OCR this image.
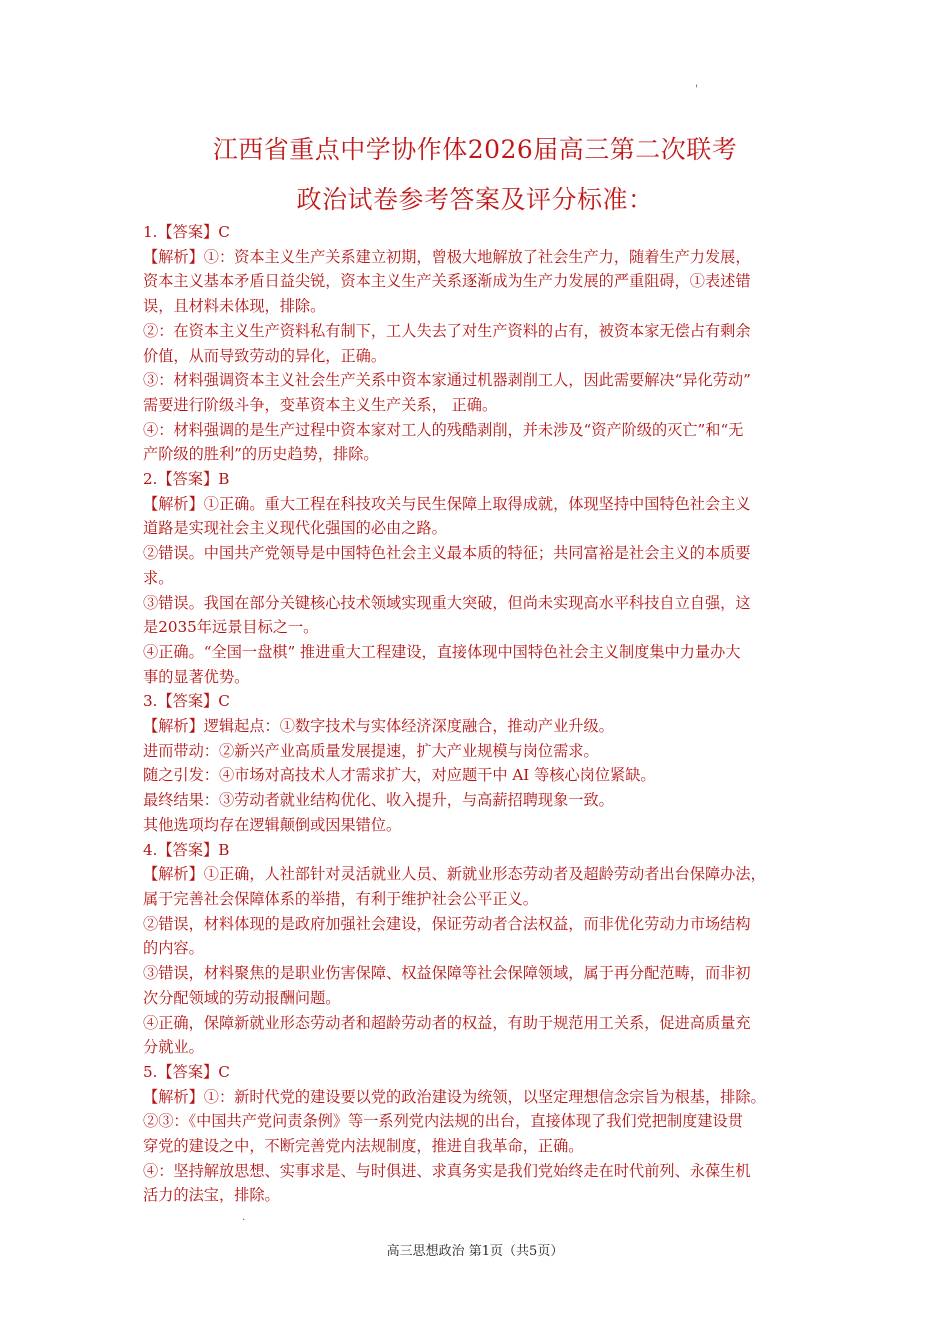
'
江西省重点中学协作体2026届高三第二次联考
政治试卷参考答案及评分标准：

1.【答案】C

【解析】①：资本主义生产关系建立初期，曾极大地解放了社会生产力，随着生产力发展，

资本主义基本矛盾日益尖锐，资本主义生产关系逐渐成为生产力发展的严重阻碍，①表述错

误，且材料未体现，排除。

②：在资本主义生产资料私有制下，工人失去了对生产资料的占有，被资本家无偿占有剩余

价值，从而导致劳动的异化，正确。

③：材料强调资本主义社会生产关系中资本家通过机器剥削工人，因此需要解决“异化劳动”

需要进行阶级斗争，变革资本主义生产关系， 正确。

④：材料强调的是生产过程中资本家对工人的残酷剥削，并未涉及“资产阶级的灭亡”和“无

产阶级的胜利”的历史趋势，排除。

2.【答案】B

【解析】①正确。重大工程在科技攻关与民生保障上取得成就，体现坚持中国特色社会主义

道路是实现社会主义现代化强国的必由之路。

②错误。中国共产党领导是中国特色社会主义最本质的特征；共同富裕是社会主义的本质要

求。

③错误。我国在部分关键核心技术领域实现重大突破，但尚未实现高水平科技自立自强，这

是2035年远景目标之一。

④正确。“全国一盘棋” 推进重大工程建设，直接体现中国特色社会主义制度集中力量办大

事的显著优势。

3.【答案】C

【解析】逻辑起点：①数字技术与实体经济深度融合，推动产业升级。

进而带动：②新兴产业高质量发展提速，扩大产业规模与岗位需求。

随之引发：④市场对高技术人才需求扩大，对应题干中 AI 等核心岗位紧缺。

最终结果：③劳动者就业结构优化、收入提升，与高薪招聘现象一致。

其他选项均存在逻辑颠倒或因果错位。

4.【答案】B

【解析】①正确，人社部针对灵活就业人员、新就业形态劳动者及超龄劳动者出台保障办法，

属于完善社会保障体系的举措，有利于维护社会公平正义。

②错误，材料体现的是政府加强社会建设，保证劳动者合法权益，而非优化劳动力市场结构

的内容。

③错误，材料聚焦的是职业伤害保障、权益保障等社会保障领域，属于再分配范畴，而非初

次分配领域的劳动报酬问题。

④正确，保障新就业形态劳动者和超龄劳动者的权益，有助于规范用工关系，促进高质量充

分就业。

5.【答案】C

【解析】①：新时代党的建设要以党的政治建设为统领，以坚定理想信念宗旨为根基，排除。

②③：《中国共产党问责条例》等一系列党内法规的出台，直接体现了我们党把制度建设贯

穿党的建设之中，不断完善党内法规制度，推进自我革命，正确。

④：坚持解放思想、实事求是、与时俱进、求真务实是我们党始终走在时代前列、永葆生机

活力的法宝，排除。

.
高三思想政治 第1页（共5页）
